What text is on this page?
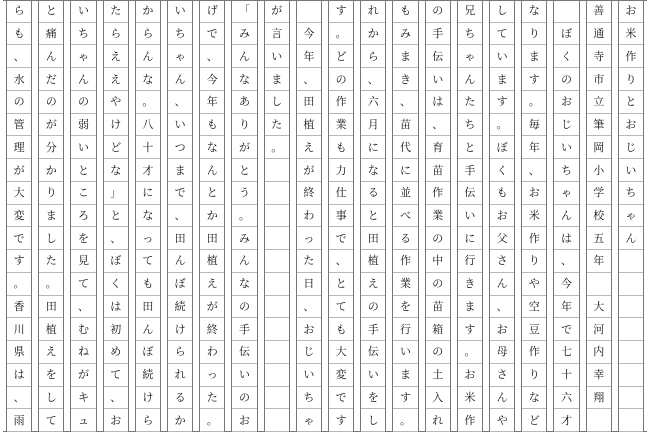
お
米
作
り
と
お
じ
い
ち
ゃ
ん
善
通
寺
市
立
筆
岡
小
学
校
五
年
大
河
内
幸
翔
ぼ
く
の
お
じ
い
ち
ゃ
ん
は
、
今
年
で
七
十
六
才
な
り
ま
す
。
毎
年
、
お
米
作
り
や
空
豆
作
り
な
ど
し
て
い
ま
す
。
ぼ
く
も
お
父
さ
ん
、
お
母
さ
ん
や
兄
ち
ゃ
ん
た
ち
と
手
伝
い
に
行
き
ま
す
。
お
米
作
の
手
伝
い
は
、
育
苗
作
業
の
中
の
苗
箱
の
土
入
れ
も
み
ま
き
、
苗
代
に
並
べ
る
作
業
を
行
い
ま
す
。
れ
か
ら
、
六
月
に
な
る
と
田
植
え
の
手
伝
い
を
し
す
。
ど
の
作
業
も
力
仕
事
で
、
と
て
も
大
変
で
す
今
年
、
田
植
え
が
終
わ
っ
た
日
、
お
じ
い
ち
ゃ
が
言
い
ま
し
た
。
「
み
ん
な
あ
り
が
と
う
。
み
ん
な
の
手
伝
い
の
お
げ
で
、
今
年
も
な
ん
と
か
田
植
え
が
終
わ
っ
た
。
い
ち
ゃ
ん
、
い
つ
ま
で
、
田
ん
ぼ
続
け
ら
れ
る
か
か
ら
ん
な
。
八
十
才
に
な
っ
て
も
田
ん
ぼ
続
け
ら
た
ら
え
え
や
け
ど
な
」
と
、
ぼ
く
は
初
め
て
、
お
い
ち
ゃ
ん
の
弱
い
と
こ
ろ
を
見
て
、
む
ね
が
キ
ュ
と
痛
ん
だ
の
が
分
か
り
ま
し
た
。
田
植
え
を
し
て
ら
も
、
水
の
管
理
が
大
変
で
す
。
香
川
県
は
、
雨
